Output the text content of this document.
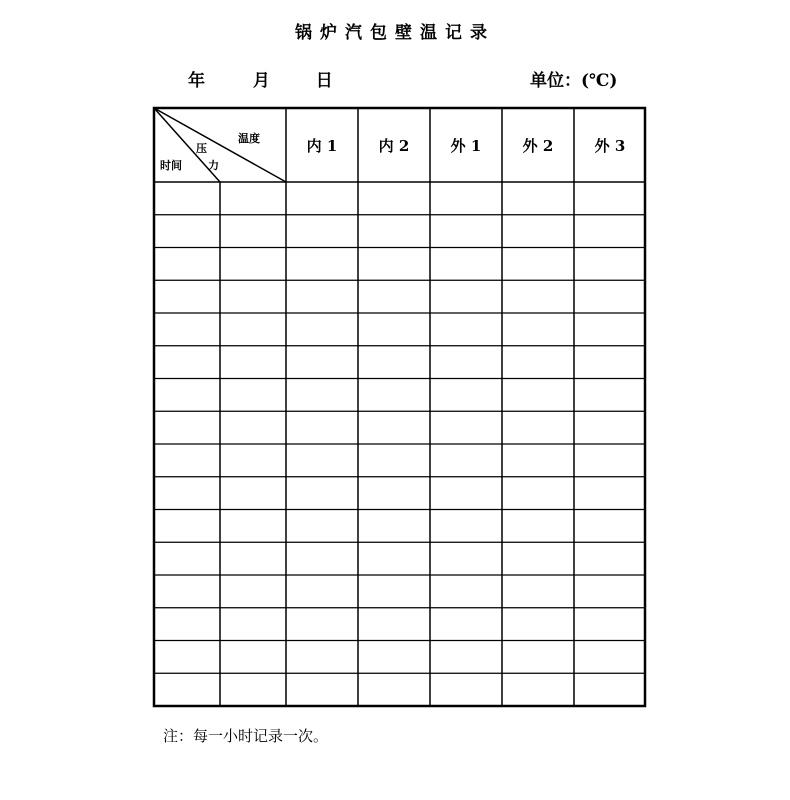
锅炉汽包壁温记录
年	月	日	单位：(℃)
温度
压
力
时间
内 1	内 2	外 1	外 2	外 3
注：每一小时记录一次。
